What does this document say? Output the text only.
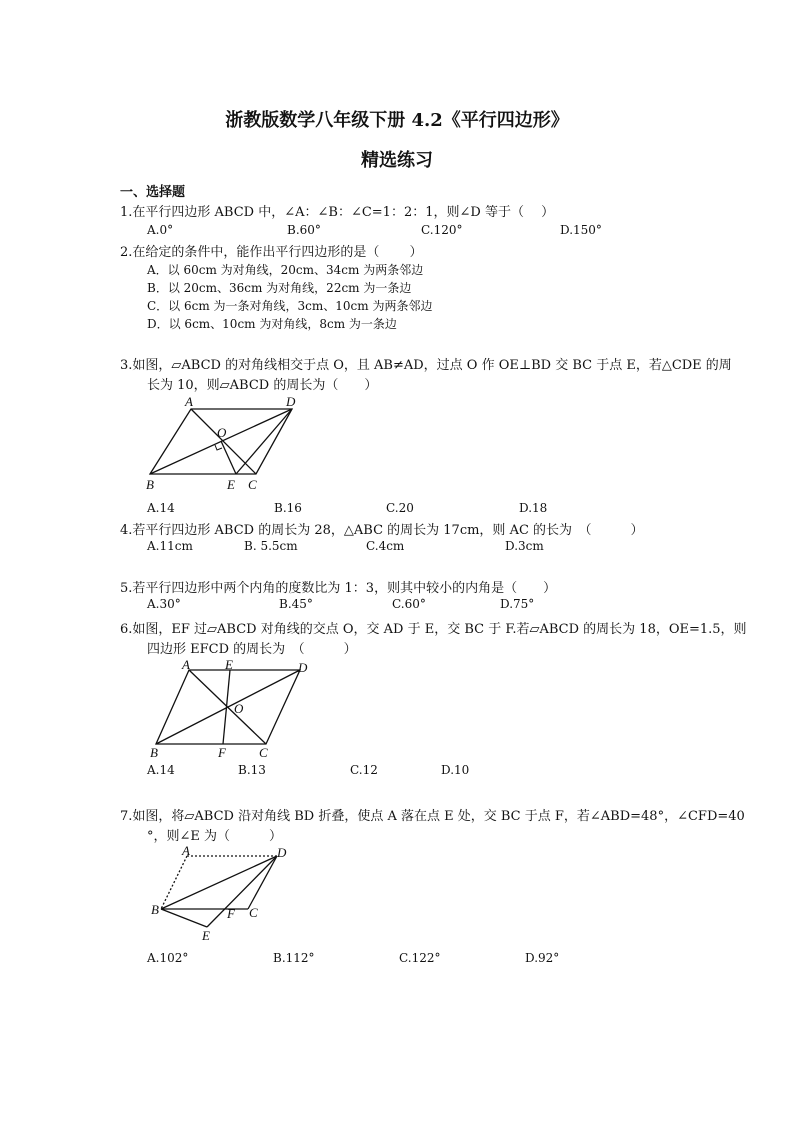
浙教版数学八年级下册 4.2《平行四边形》
精选练习
一、选择题
1.在平行四边形 ABCD 中，∠A：∠B：∠C=1：2：1，则∠D 等于（　 ）
A.0°	B.60°	C.120°	D.150°
2.在给定的条件中，能作出平行四边形的是（　　 ）
A．以 60cm 为对角线，20cm、34cm 为两条邻边
B．以 20cm、36cm 为对角线，22cm 为一条边
C．以 6cm 为一条对角线，3cm、10cm 为两条邻边
D．以 6cm、10cm 为对角线，8cm 为一条边
3.如图，▱ABCD 的对角线相交于点 O，且 AB≠AD，过点 O 作 OE⊥BD 交 BC 于点 E，若△CDE 的周
长为 10，则▱ABCD 的周长为（　　）
A	D
O
B	E C
A.14	B.16	C.20	D.18
4.若平行四边形 ABCD 的周长为 28，△ABC 的周长为 17cm，则 AC 的长为　（　　　）
A.11cm	B. 5.5cm	C.4cm	D.3cm
5.若平行四边形中两个内角的度数比为 1：3，则其中较小的内角是（　　）
A.30°	B.45°	C.60°	D.75°
6.如图，EF 过▱ABCD 对角线的交点 O，交 AD 于 E，交 BC 于 F.若▱ABCD 的周长为 18，OE=1.5，则
四边形 EFCD 的周长为　（　　　）
A	E	D
O
B	F	C
A.14	B.13	C.12	D.10
7.如图，将▱ABCD 沿对角线 BD 折叠，使点 A 落在点 E 处，交 BC 于点 F，若∠ABD=48°，∠CFD=40
°，则∠E 为（　　　）
A	D
B	F C
E
A.102°	B.112°	C.122°	D.92°
